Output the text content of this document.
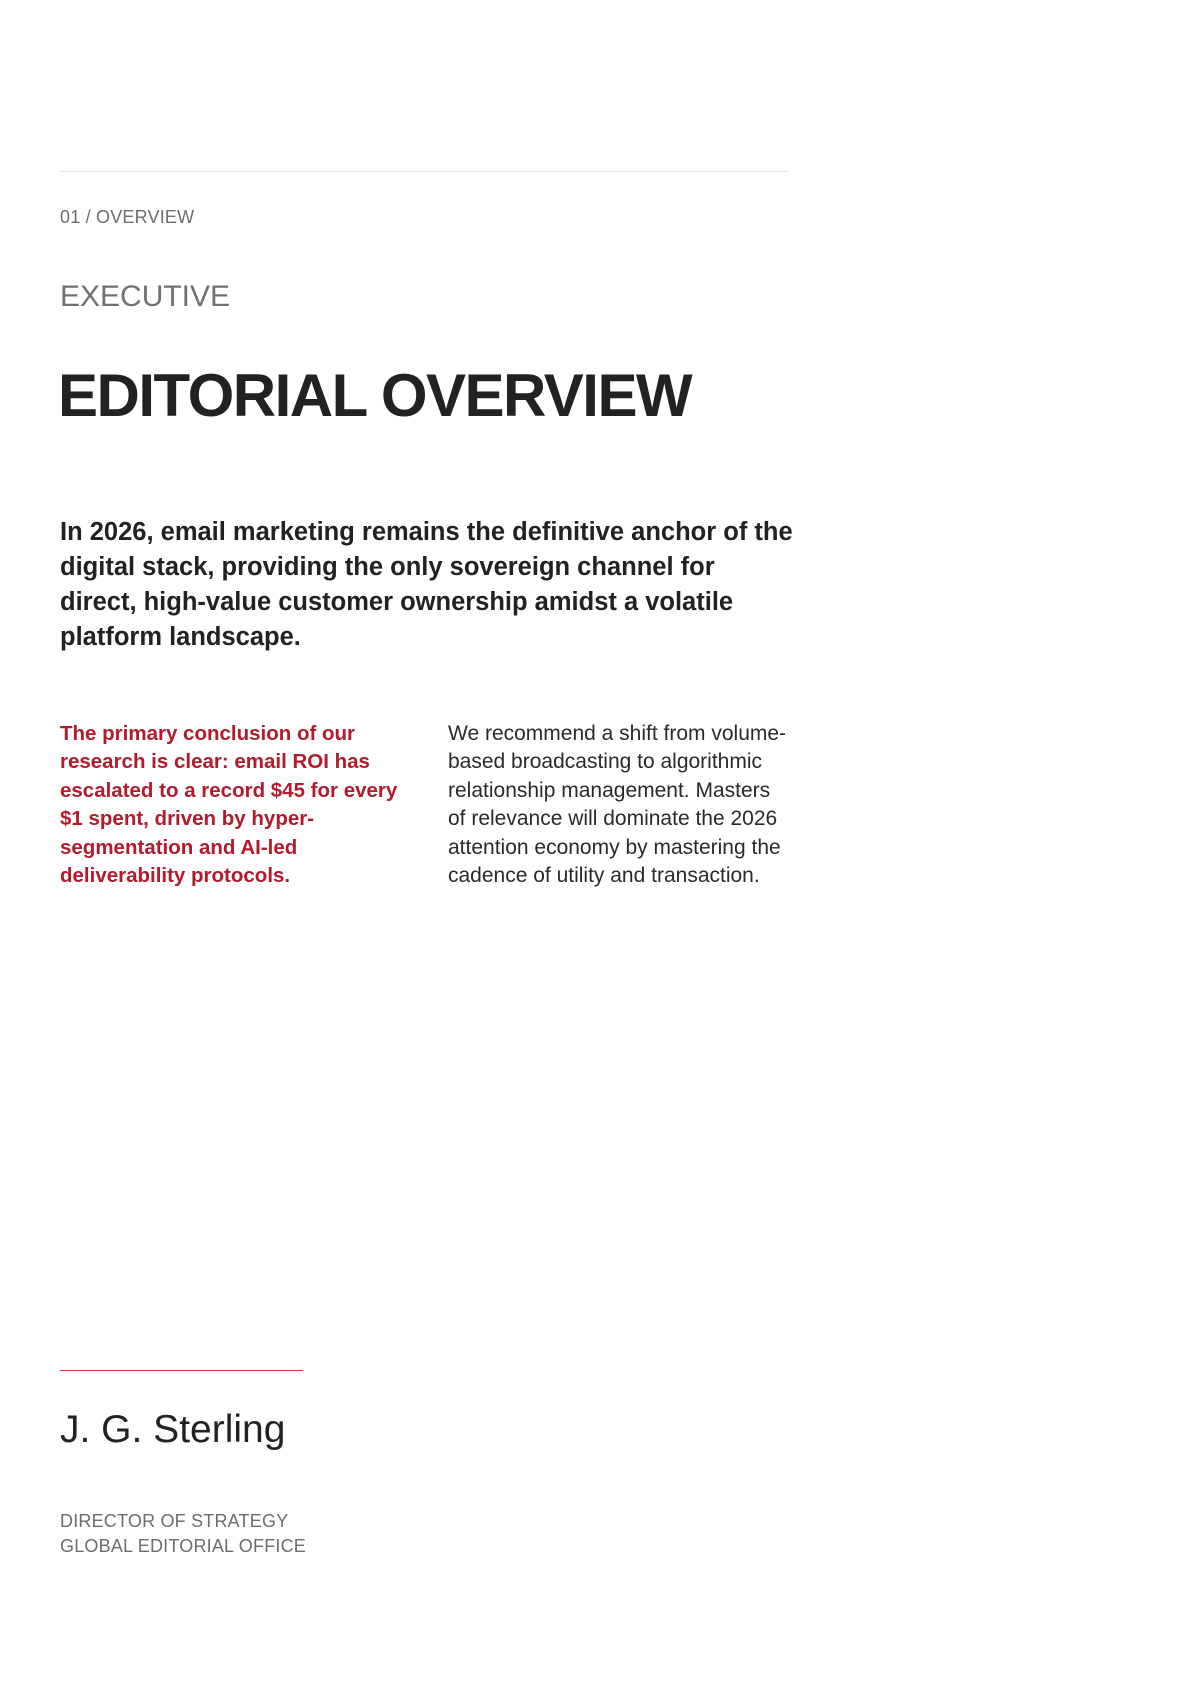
01 / OVERVIEW
EXECUTIVE
EDITORIAL OVERVIEW

In 2026, email marketing remains the definitive anchor of the digital stack, providing the only sovereign channel for direct, high-value customer ownership amidst a volatile platform landscape.

The primary conclusion of our research is clear: email ROI has escalated to a record $45 for every $1 spent, driven by hyper-segmentation and AI-led deliverability protocols.

We recommend a shift from volume-based broadcasting to algorithmic relationship management. Masters of relevance will dominate the 2026 attention economy by mastering the cadence of utility and transaction.

J. G. Sterling

DIRECTOR OF STRATEGY
GLOBAL EDITORIAL OFFICE
